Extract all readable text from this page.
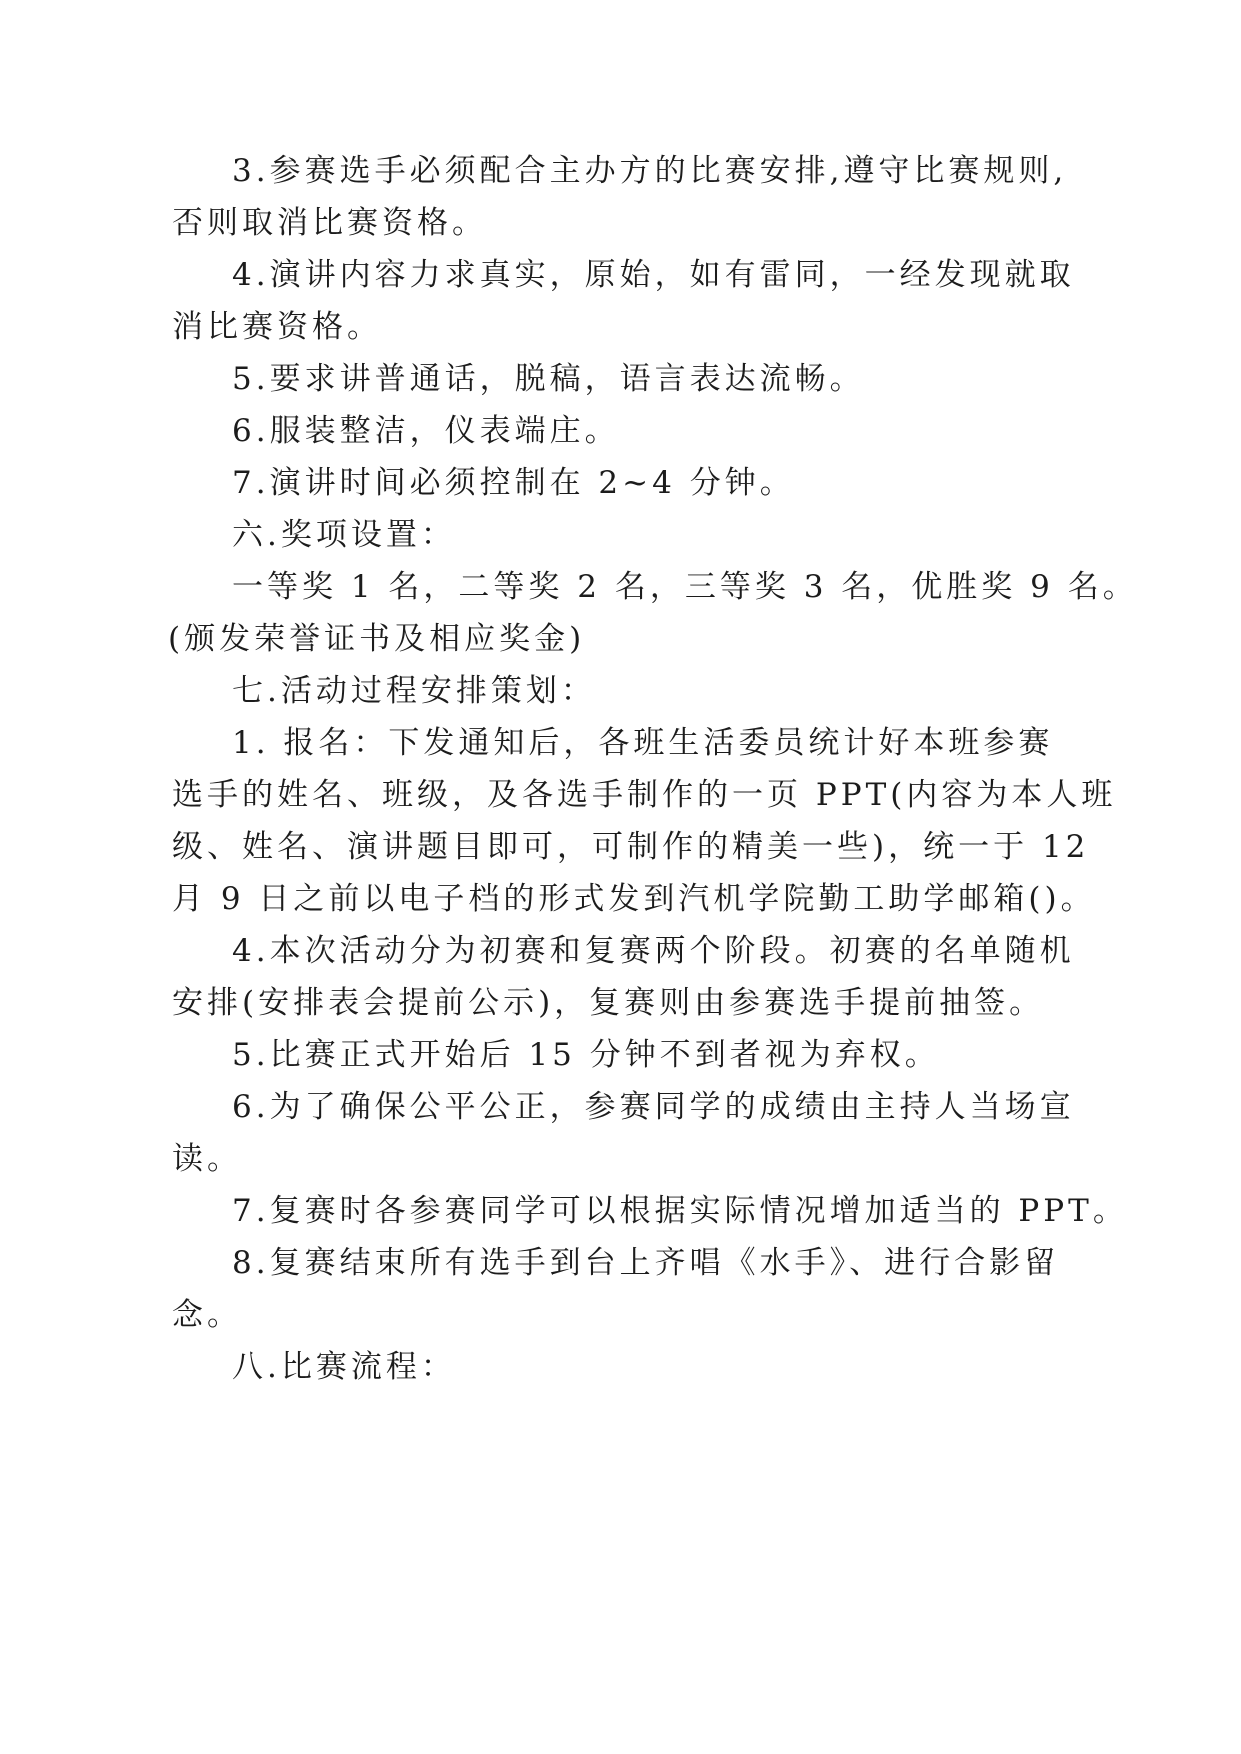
3.参赛选手必须配合主办方的比赛安排,遵守比赛规则,
否则取消比赛资格。
4.演讲内容力求真实，原始，如有雷同，一经发现就取
消比赛资格。
5.要求讲普通话，脱稿，语言表达流畅。
6.服装整洁，仪表端庄。
7.演讲时间必须控制在 2~4 分钟。
六.奖项设置：
一等奖 1 名，二等奖 2 名，三等奖 3 名，优胜奖 9 名。
(颁发荣誉证书及相应奖金)
七.活动过程安排策划：
1. 报名：下发通知后，各班生活委员统计好本班参赛
选手的姓名、班级，及各选手制作的一页 PPT(内容为本人班
级、姓名、演讲题目即可，可制作的精美一些)，统一于 12
月 9 日之前以电子档的形式发到汽机学院勤工助学邮箱()。
4.本次活动分为初赛和复赛两个阶段。初赛的名单随机
安排(安排表会提前公示)，复赛则由参赛选手提前抽签。
5.比赛正式开始后 15 分钟不到者视为弃权。
6.为了确保公平公正，参赛同学的成绩由主持人当场宣
读。
7.复赛时各参赛同学可以根据实际情况增加适当的 PPT。
8.复赛结束所有选手到台上齐唱《水手》、进行合影留
念。
八.比赛流程：
